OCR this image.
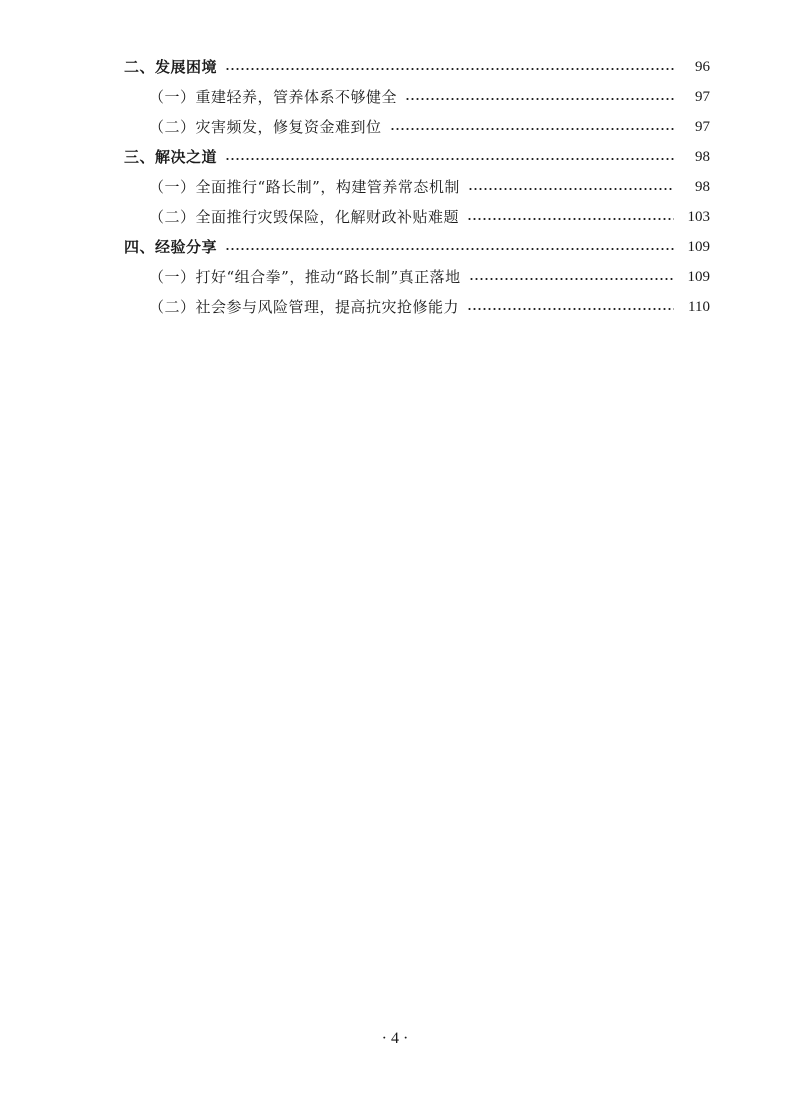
二、发展困境	96
（一）重建轻养，管养体系不够健全	97
（二）灾害频发，修复资金难到位	97
三、解决之道	98
（一）全面推行“路长制”，构建管养常态机制	98
（二）全面推行灾毁保险，化解财政补贴难题	103
四、经验分享	109
（一）打好“组合拳”，推动“路长制”真正落地	109
（二）社会参与风险管理，提高抗灾抢修能力	110
· 4 ·
